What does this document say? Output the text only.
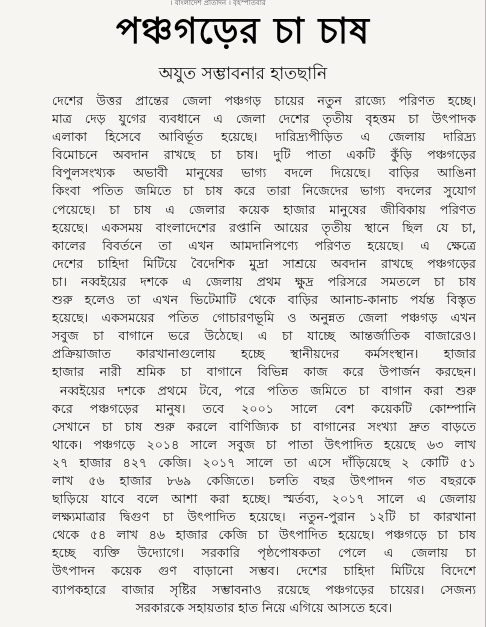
। বাংলাদেশ প্রতিদিন । বৃহস্পতিবার
পঞ্চগড়ের চা চাষ
অযুত সম্ভাবনার হাতছানি
দেশের উত্তর প্রান্তের জেলা পঞ্চগড় চায়ের নতুন রাজ্যে পরিণত হচ্ছে।
মাত্র দেড় যুগের ব্যবধানে এ জেলা দেশের তৃতীয় বৃহত্তম চা উৎপাদক
এলাকা হিসেবে আবির্ভূত হয়েছে। দারিদ্র্যপীড়িত এ জেলায় দারিদ্র্য
বিমোচনে অবদান রাখছে চা চাষ। দুটি পাতা একটি কুঁড়ি পঞ্চগড়ের
বিপুলসংখ্যক অভাবী মানুষের ভাগ্য বদলে দিয়েছে। বাড়ির আঙিনা
কিংবা পতিত জমিতে চা চাষ করে তারা নিজেদের ভাগ্য বদলের সুযোগ
পেয়েছে। চা চাষ এ জেলার কয়েক হাজার মানুষের জীবিকায় পরিণত
হয়েছে। একসময় বাংলাদেশের রপ্তানি আয়ের তৃতীয় স্থানে ছিল যে চা,
কালের বিবর্তনে তা এখন আমদানিপণ্যে পরিণত হয়েছে। এ ক্ষেত্রে
দেশের চাহিদা মিটিয়ে বৈদেশিক মুদ্রা সাশ্রয়ে অবদান রাখছে পঞ্চগড়ের
চা। নব্বইয়ের দশকে এ জেলায় প্রথম ক্ষুদ্র পরিসরে সমতলে চা চাষ
শুরু হলেও তা এখন ভিটেমাটি থেকে বাড়ির আনাচ-কানাচ পর্যন্ত বিস্তৃত
হয়েছে। একসময়ের পতিত গোচারণভূমি ও অনুন্নত জেলা পঞ্চগড় এখন
সবুজ চা বাগানে ভরে উঠেছে। এ চা যাচ্ছে আন্তর্জাতিক বাজারেও।
প্রক্রিয়াজাত কারখানাগুলোয় হচ্ছে স্থানীয়দের কর্মসংস্থান। হাজার
হাজার নারী শ্রমিক চা বাগানে বিভিন্ন কাজ করে উপার্জন করছেন।
নব্বইয়ের দশকে প্রথমে টবে, পরে পতিত জমিতে চা বাগান করা শুরু
করে পঞ্চগড়ের মানুষ। তবে ২০০১ সালে বেশ কয়েকটি কোম্পানি
সেখানে চা চাষ শুরু করলে বাণিজ্যিক চা বাগানের সংখ্যা দ্রুত বাড়তে
থাকে। পঞ্চগড়ে ২০১৪ সালে সবুজ চা পাতা উৎপাদিত হয়েছে ৬৩ লাখ
২৭ হাজার ৪২৭ কেজি। ২০১৭ সালে তা এসে দাঁড়িয়েছে ২ কোটি ৫১
লাখ ৫৬ হাজার ৮৬৯ কেজিতে। চলতি বছর উৎপাদন গত বছরকে
ছাড়িয়ে যাবে বলে আশা করা হচ্ছে। স্মর্তব্য, ২০১৭ সালে এ জেলায়
লক্ষ্যমাত্রার দ্বিগুণ চা উৎপাদিত হয়েছে। নতুন-পুরান ১২টি চা কারখানা
থেকে ৫৪ লাখ ৪৬ হাজার কেজি চা উৎপাদিত হয়েছে। পঞ্চগড়ে চা চাষ
হচ্ছে ব্যক্তি উদ্যোগে। সরকারি পৃষ্ঠপোষকতা পেলে এ জেলায় চা
উৎপাদন কয়েক গুণ বাড়ানো সম্ভব। দেশের চাহিদা মিটিয়ে বিদেশে
ব্যাপকহারে বাজার সৃষ্টির সম্ভাবনাও রয়েছে পঞ্চগড়ের চায়ের। সেজন্য
সরকারকে সহায়তার হাত নিয়ে এগিয়ে আসতে হবে।
